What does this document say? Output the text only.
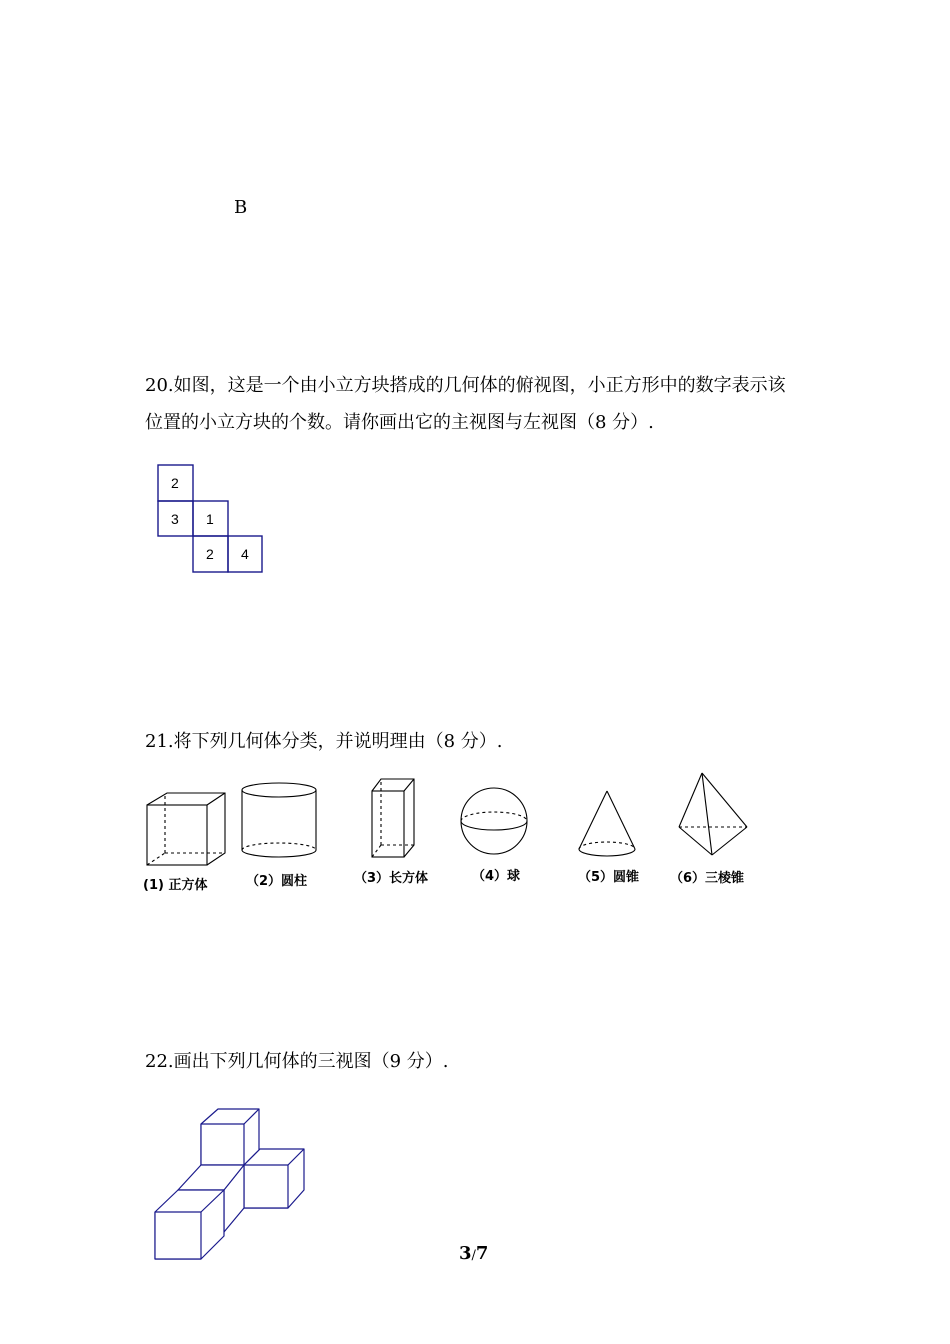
B
20.如图，这是一个由小立方块搭成的几何体的俯视图，小正方形中的数字表示该
位置的小立方块的个数。请你画出它的主视图与左视图（8 分）.
2
3 1
2 4
21.将下列几何体分类，并说明理由（8 分）.
(1) 正方体	（2）圆柱	（3）长方体	（4）球	（5）圆锥 （6）三棱锥
22.画出下列几何体的三视图（9 分）.
3/7
